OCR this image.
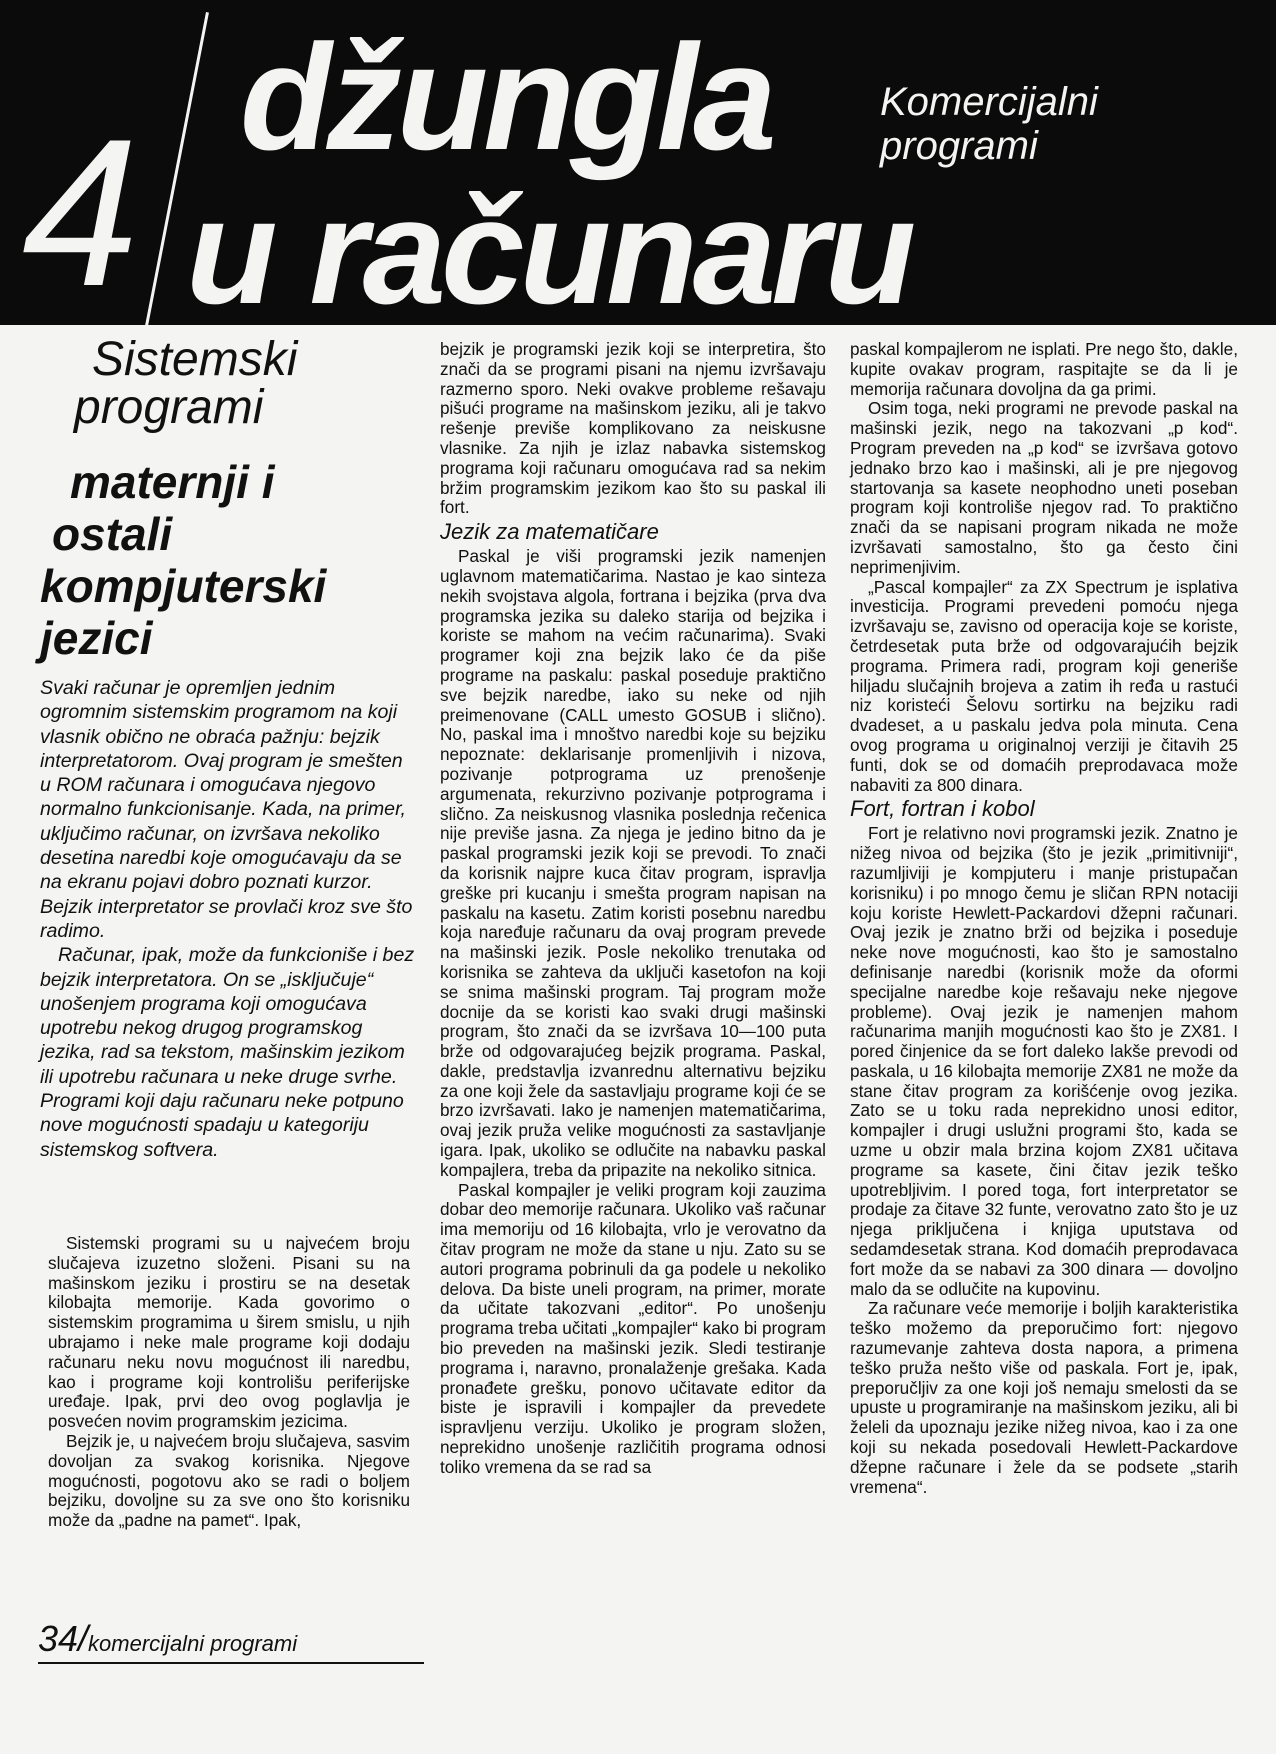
4 džungla
u računaru
Komercijalni
programi
Sistemski
programi
maternji i
ostali
kompjuterski
jezici

Svaki računar je opremljen jednim ogromnim sistemskim programom na koji vlasnik obično ne obraća pažnju: bejzik interpretatorom. Ovaj program je smešten u ROM računara i omogućava njegovo normalno funkcionisanje. Kada, na primer, uključimo računar, on izvršava nekoliko desetina naredbi koje omogućavaju da se na ekranu pojavi dobro poznati kurzor. Bejzik interpretator se provlači kroz sve što radimo.

Računar, ipak, može da funkcioniše i bez bejzik interpretatora. On se „isključuje“ unošenjem programa koji omogućava upotrebu nekog drugog programskog jezika, rad sa tekstom, mašinskim jezikom ili upotrebu računara u neke druge svrhe. Programi koji daju računaru neke potpuno nove mogućnosti spadaju u kategoriju sistemskog softvera.

Sistemski programi su u najvećem broju slučajeva izuzetno složeni. Pisani su na mašinskom jeziku i prostiru se na desetak kilobajta memorije. Kada govorimo o sistemskim programima u širem smislu, u njih ubrajamo i neke male programe koji dodaju računaru neku novu mogućnost ili naredbu, kao i programe koji kontrolišu periferijske uređaje. Ipak, prvi deo ovog poglavlja je posvećen novim programskim jezicima.

Bejzik je, u najvećem broju slučajeva, sasvim dovoljan za svakog korisnika. Njegove mogućnosti, pogotovu ako se radi o boljem bejziku, dovoljne su za sve ono što korisniku može da „padne na pamet“. Ipak,

bejzik je programski jezik koji se interpretira, što znači da se programi pisani na njemu izvršavaju razmerno sporo. Neki ovakve probleme rešavaju pišući programe na mašinskom jeziku, ali je takvo rešenje previše komplikovano za neiskusne vlasnike. Za njih je izlaz nabavka sistemskog programa koji računaru omogućava rad sa nekim bržim programskim jezikom kao što su paskal ili fort.

Jezik za matematičare

Paskal je viši programski jezik namenjen uglavnom matematičarima. Nastao je kao sinteza nekih svojstava algola, fortrana i bejzika (prva dva programska jezika su daleko starija od bejzika i koriste se mahom na većim računarima). Svaki programer koji zna bejzik lako će da piše programe na paskalu: paskal poseduje praktično sve bejzik naredbe, iako su neke od njih preimenovane (CALL umesto GOSUB i slično). No, paskal ima i mnoštvo naredbi koje su bejziku nepoznate: deklarisanje promenljivih i nizova, pozivanje potprograma uz prenošenje argumenata, rekurzivno pozivanje potprograma i slično. Za neiskusnog vlasnika poslednja rečenica nije previše jasna. Za njega je jedino bitno da je paskal programski jezik koji se prevodi. To znači da korisnik najpre kuca čitav program, ispravlja greške pri kucanju i smešta program napisan na paskalu na kasetu. Zatim koristi posebnu naredbu koja naređuje računaru da ovaj program prevede na mašinski jezik. Posle nekoliko trenutaka od korisnika se zahteva da uključi kasetofon na koji se snima mašinski program. Taj program može docnije da se koristi kao svaki drugi mašinski program, što znači da se izvršava 10—100 puta brže od odgovarajućeg bejzik programa. Paskal, dakle, predstavlja izvanrednu alternativu bejziku za one koji žele da sastavljaju programe koji će se brzo izvršavati. Iako je namenjen matematičarima, ovaj jezik pruža velike mogućnosti za sastavljanje igara. Ipak, ukoliko se odlučite na nabavku paskal kompajlera, treba da pripazite na nekoliko sitnica.

Paskal kompajler je veliki program koji zauzima dobar deo memorije računara. Ukoliko vaš računar ima memoriju od 16 kilobajta, vrlo je verovatno da čitav program ne može da stane u nju. Zato su se autori programa pobrinuli da ga podele u nekoliko delova. Da biste uneli program, na primer, morate da učitate takozvani „editor“. Po unošenju programa treba učitati „kompajler“ kako bi program bio preveden na mašinski jezik. Sledi testiranje programa i, naravno, pronalaženje grešaka. Kada pronađete grešku, ponovo učitavate editor da biste je ispravili i kompajler da prevedete ispravljenu verziju. Ukoliko je program složen, neprekidno unošenje različitih programa odnosi toliko vremena da se rad sa

paskal kompajlerom ne isplati. Pre nego što, dakle, kupite ovakav program, raspitajte se da li je memorija računara dovoljna da ga primi.

Osim toga, neki programi ne prevode paskal na mašinski jezik, nego na takozvani „p kod“. Program preveden na „p kod“ se izvršava gotovo jednako brzo kao i mašinski, ali je pre njegovog startovanja sa kasete neophodno uneti poseban program koji kontroliše njegov rad. To praktično znači da se napisani program nikada ne može izvršavati samostalno, što ga često čini neprimenjivim.

„Pascal kompajler“ za ZX Spectrum je isplativa investicija. Programi prevedeni pomoću njega izvršavaju se, zavisno od operacija koje se koriste, četrdesetak puta brže od odgovarajućih bejzik programa. Primera radi, program koji generiše hiljadu slučajnih brojeva a zatim ih ređa u rastući niz koristeći Šelovu sortirku na bejziku radi dvadeset, a u paskalu jedva pola minuta. Cena ovog programa u originalnoj verziji je čitavih 25 funti, dok se od domaćih preprodavaca može nabaviti za 800 dinara.

Fort, fortran i kobol

Fort je relativno novi programski jezik. Znatno je nižeg nivoa od bejzika (što je jezik „primitivniji“, razumljiviji je kompjuteru i manje pristupačan korisniku) i po mnogo čemu je sličan RPN notaciji koju koriste Hewlett-Packardovi džepni računari. Ovaj jezik je znatno brži od bejzika i poseduje neke nove mogućnosti, kao što je samostalno definisanje naredbi (korisnik može da oformi specijalne naredbe koje rešavaju neke njegove probleme). Ovaj jezik je namenjen mahom računarima manjih mogućnosti kao što je ZX81. I pored činjenice da se fort daleko lakše prevodi od paskala, u 16 kilobajta memorije ZX81 ne može da stane čitav program za korišćenje ovog jezika. Zato se u toku rada neprekidno unosi editor, kompajler i drugi uslužni programi što, kada se uzme u obzir mala brzina kojom ZX81 učitava programe sa kasete, čini čitav jezik teško upotrebljivim. I pored toga, fort interpretator se prodaje za čitave 32 funte, verovatno zato što je uz njega priključena i knjiga uputstava od sedamdesetak strana. Kod domaćih preprodavaca fort može da se nabavi za 300 dinara — dovoljno malo da se odlučite na kupovinu.

Za računare veće memorije i boljih karakteristika teško možemo da preporučimo fort: njegovo razumevanje zahteva dosta napora, a primena teško pruža nešto više od paskala. Fort je, ipak, preporučljiv za one koji još nemaju smelosti da se upuste u programiranje na mašinskom jeziku, ali bi želeli da upoznaju jezike nižeg nivoa, kao i za one koji su nekada posedovali Hewlett-Packardove džepne računare i žele da se podsete „starih vremena“.

34/komercijalni programi
